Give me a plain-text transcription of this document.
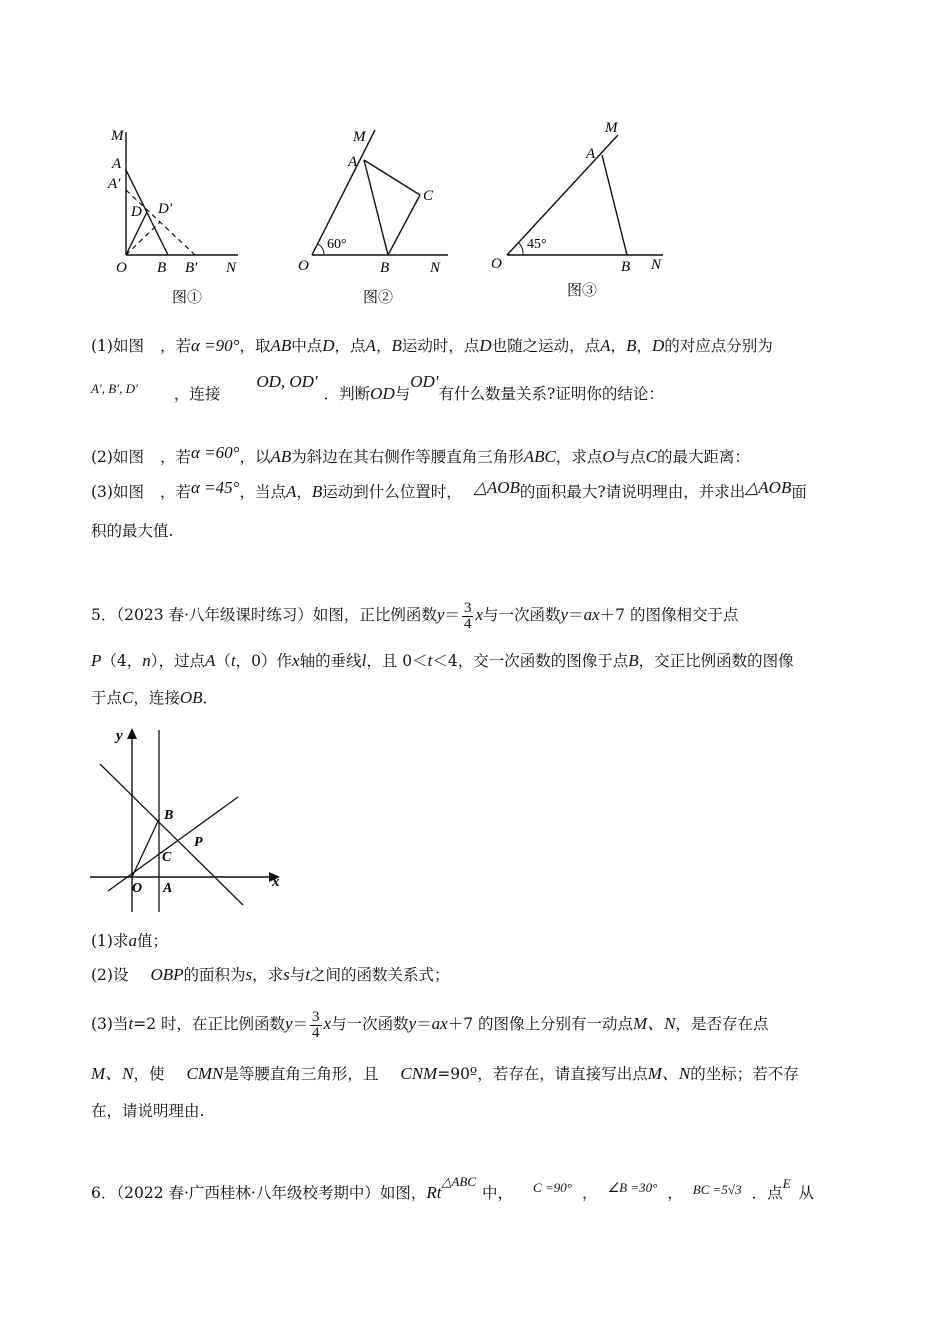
M
A
A′
D D′
O B B′ N
图①
M
A
C
60°
O	B	N
图②
M
A
45°
O	B N
图③
(1)如图 ，若α =90°，取AB中点D，点A，B运动时，点D也随之运动，点A，B，D的对应点分别为
$^{A', B', D'}$ ，连接OD, OD′．判断OD与OD′有什么数量关系?证明你的结论：
(2)如图 ，若α =60°，以AB为斜边在其右侧作等腰直角三角形ABC，求点O与点C的最大距离：
(3)如图 ，若α =45°，当点A，B运动到什么位置时， △AOB的面积最大?请说明理由，并求出△AOB面
积的最大值.
5．（2023 春·八年级课时练习）如图，正比例函数$y= \frac{3}{4}$ x与一次函数y＝ax＋7 的图像相交于点
P（4，n），过点A（t，0）作x轴的垂线l，且 0＜t＜4，交一次函数的图像于点B，交正比例函数的图像
于点C，连接OB．
y
x
O A
B
C
P
(1)求a值；
(2)设 OBP的面积为s，求s与t之间的函数关系式；
(3)当t=2 时，在正比例函数$y= \frac{3}{4}$ x与一次函数y＝ax＋7 的图像上分别有一动点M、N，是否存在点
M、N，使 CMN是等腰直角三角形，且 CNM=90º，若存在，请直接写出点M、N的坐标；若不存
在，请说明理由.
6．（2022 春·广西桂林·八年级校考期中）如图，$Rt^{\triangle ABC}$中， $^{C =90^\circ}$ ， $^{\angle B =30^\circ}$ ， $^{BC =5√3}$ ．点$^E$从
